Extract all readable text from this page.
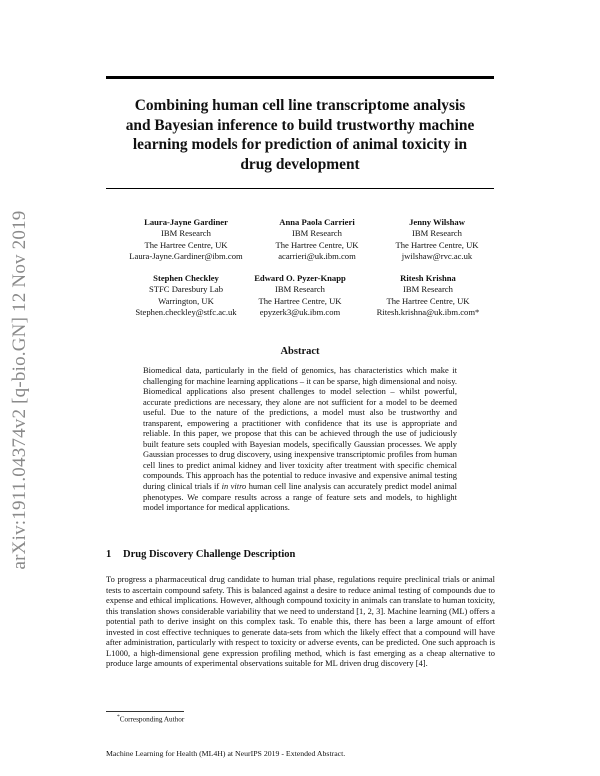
arXiv:1911.04374v2 [q-bio.GN] 12 Nov 2019
Combining human cell line transcriptome analysis
and Bayesian inference to build trustworthy machine
learning models for prediction of animal toxicity in
drug development
Laura-Jayne Gardiner
IBM Research
The Hartree Centre, UK
Laura-Jayne.Gardiner@ibm.com
Anna Paola Carrieri
IBM Research
The Hartree Centre, UK
acarrieri@uk.ibm.com
Jenny Wilshaw
IBM Research
The Hartree Centre, UK
jwilshaw@rvc.ac.uk
Stephen Checkley
STFC Daresbury Lab
Warrington, UK
Stephen.checkley@stfc.ac.uk
Edward O. Pyzer-Knapp
IBM Research
The Hartree Centre, UK
epyzerk3@uk.ibm.com
Ritesh Krishna
IBM Research
The Hartree Centre, UK
Ritesh.krishna@uk.ibm.com*
Abstract
Biomedical data, particularly in the field of genomics, has characteristics which make it challenging for machine learning applications – it can be sparse, high dimensional and noisy. Biomedical applications also present challenges to model selection – whilst powerful, accurate predictions are necessary, they alone are not sufficient for a model to be deemed useful. Due to the nature of the predictions, a model must also be trustworthy and transparent, empowering a practitioner with confidence that its use is appropriate and reliable. In this paper, we propose that this can be achieved through the use of judiciously built feature sets coupled with Bayesian models, specifically Gaussian processes. We apply Gaussian processes to drug discovery, using inexpensive transcriptomic profiles from human cell lines to predict animal kidney and liver toxicity after treatment with specific chemical compounds. This approach has the potential to reduce invasive and expensive animal testing during clinical trials if in vitro human cell line analysis can accurately predict model animal phenotypes. We compare results across a range of feature sets and models, to highlight model importance for medical applications.
1 Drug Discovery Challenge Description
To progress a pharmaceutical drug candidate to human trial phase, regulations require preclinical trials or animal tests to ascertain compound safety. This is balanced against a desire to reduce animal testing of compounds due to expense and ethical implications. However, although compound toxicity in animals can translate to human toxicity, this translation shows considerable variability that we need to understand [1, 2, 3]. Machine learning (ML) offers a potential path to derive insight on this complex task. To enable this, there has been a large amount of effort invested in cost effective techniques to generate data-sets from which the likely effect that a compound will have after administration, particularly with respect to toxicity or adverse events, can be predicted. One such approach is L1000, a high-dimensional gene expression profiling method, which is fast emerging as a cheap alternative to produce large amounts of experimental observations suitable for ML driven drug discovery [4].
*Corresponding Author
Machine Learning for Health (ML4H) at NeurIPS 2019 - Extended Abstract.
